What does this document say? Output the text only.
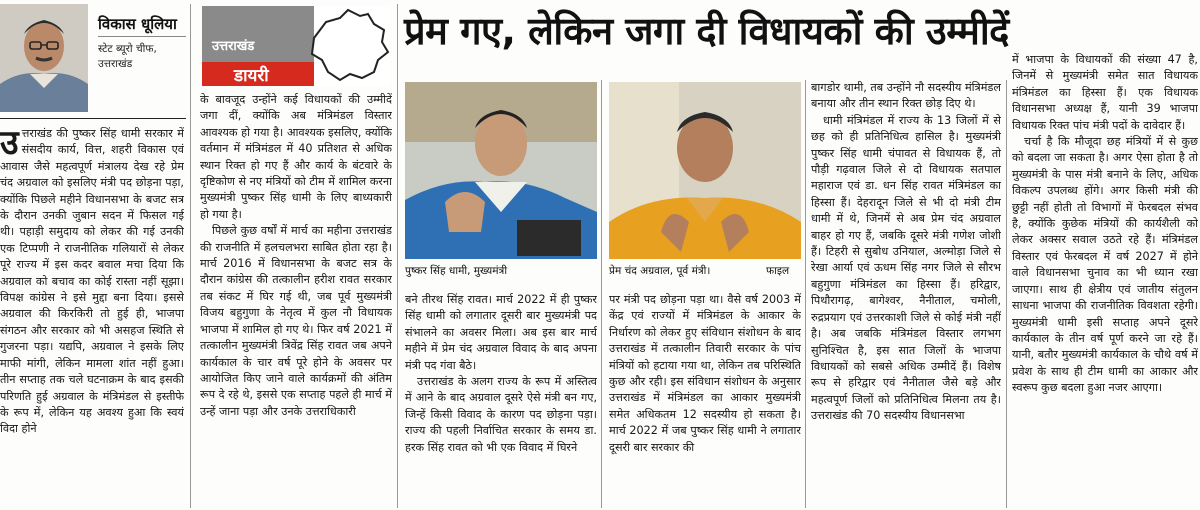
विकास धूलिया
स्टेट ब्यूरो चीफ,
उत्तराखंड
उत्तराखंड
डायरी
प्रेम गए, लेकिन जगा दी विधायकों की उम्मीदें
पुष्कर सिंह धामी, मुख्यमंत्री	प्रेम चंद अग्रवाल, पूर्व मंत्री।	फाइल

उत्तराखंड की पुष्कर सिंह धामी सरकार में संसदीय कार्य, वित्त, शहरी विकास एवं आवास जैसे महत्वपूर्ण मंत्रालय देख रहे प्रेम चंद अग्रवाल को इसलिए मंत्री पद छोड़ना पड़ा, क्योंकि पिछले महीने विधानसभा के बजट सत्र के दौरान उनकी जुबान सदन में फिसल गई थी। पहाड़ी समुदाय को लेकर की गई उनकी एक टिप्पणी ने राजनीतिक गलियारों से लेकर पूरे राज्य में इस कदर बवाल मचा दिया कि अग्रवाल को बचाव का कोई रास्ता नहीं सूझा। विपक्ष कांग्रेस ने इसे मुद्दा बना दिया। इससे अग्रवाल की किरकिरी तो हुई ही, भाजपा संगठन और सरकार को भी असहज स्थिति से गुजरना पड़ा। यद्यपि, अग्रवाल ने इसके लिए माफी मांगी, लेकिन मामला शांत नहीं हुआ। तीन सप्ताह तक चले घटनाक्रम के बाद इसकी परिणति हुई अग्रवाल के मंत्रिमंडल से इस्तीफे के रूप में, लेकिन यह अवश्य हुआ कि स्वयं विदा होने

के बावजूद उन्होंने कई विधायकों की उम्मीदें जगा दीं, क्योंकि अब मंत्रिमंडल विस्तार आवश्यक हो गया है। आवश्यक इसलिए, क्योंकि वर्तमान में मंत्रिमंडल में 40 प्रतिशत से अधिक स्थान रिक्त हो गए हैं और कार्य के बंटवारे के दृष्टिकोण से नए मंत्रियों को टीम में शामिल करना मुख्यमंत्री पुष्कर सिंह धामी के लिए बाध्यकारी हो गया है।

पिछले कुछ वर्षों में मार्च का महीना उत्तराखंड की राजनीति में हलचलभरा साबित होता रहा है। मार्च 2016 में विधानसभा के बजट सत्र के दौरान कांग्रेस की तत्कालीन हरीश रावत सरकार तब संकट में घिर गई थी, जब पूर्व मुख्यमंत्री विजय बहुगुणा के नेतृत्व में कुल नौ विधायक भाजपा में शामिल हो गए थे। फिर वर्ष 2021 में तत्कालीन मुख्यमंत्री त्रिवेंद्र सिंह रावत जब अपने कार्यकाल के चार वर्ष पूरे होने के अवसर पर आयोजित किए जाने वाले कार्यक्रमों की अंतिम रूप दे रहे थे, इससे एक सप्ताह पहले ही मार्च में उन्हें जाना पड़ा और उनके उत्तराधिकारी

बने तीरथ सिंह रावत। मार्च 2022 में ही पुष्कर सिंह धामी को लगातार दूसरी बार मुख्यमंत्री पद संभालने का अवसर मिला। अब इस बार मार्च महीने में प्रेम चंद अग्रवाल विवाद के बाद अपना मंत्री पद गंवा बैठे।

उत्तराखंड के अलग राज्य के रूप में अस्तित्व में आने के बाद अग्रवाल दूसरे ऐसे मंत्री बन गए, जिन्हें किसी विवाद के कारण पद छोड़ना पड़ा। राज्य की पहली निर्वाचित सरकार के समय डा. हरक सिंह रावत को भी एक विवाद में घिरने

पर मंत्री पद छोड़ना पड़ा था। वैसे वर्ष 2003 में केंद्र एवं राज्यों में मंत्रिमंडल के आकार के निर्धारण को लेकर हुए संविधान संशोधन के बाद उत्तराखंड में तत्कालीन तिवारी सरकार के पांच मंत्रियों को हटाया गया था, लेकिन तब परिस्थिति कुछ और रही। इस संविधान संशोधन के अनुसार उत्तराखंड में मंत्रिमंडल का आकार मुख्यमंत्री समेत अधिकतम 12 सदस्यीय हो सकता है। मार्च 2022 में जब पुष्कर सिंह धामी ने लगातार दूसरी बार सरकार की

बागडोर थामी, तब उन्होंने नौ सदस्यीय मंत्रिमंडल बनाया और तीन स्थान रिक्त छोड़ दिए थे।

धामी मंत्रिमंडल में राज्य के 13 जिलों में से छह को ही प्रतिनिधित्व हासिल है। मुख्यमंत्री पुष्कर सिंह धामी चंपावत से विधायक हैं, तो पौड़ी गढ़वाल जिले से दो विधायक सतपाल महाराज एवं डा. धन सिंह रावत मंत्रिमंडल का हिस्सा हैं। देहरादून जिले से भी दो मंत्री टीम धामी में थे, जिनमें से अब प्रेम चंद अग्रवाल बाहर हो गए हैं, जबकि दूसरे मंत्री गणेश जोशी हैं। टिहरी से सुबोध उनियाल, अल्मोड़ा जिले से रेखा आर्या एवं ऊधम सिंह नगर जिले से सौरभ बहुगुणा मंत्रिमंडल का हिस्सा हैं। हरिद्वार, पिथौरागढ़, बागेश्वर, नैनीताल, चमोली, रुद्रप्रयाग एवं उत्तरकाशी जिले से कोई मंत्री नहीं है। अब जबकि मंत्रिमंडल विस्तार लगभग सुनिश्चित है, इस सात जिलों के भाजपा विधायकों को सबसे अधिक उम्मीदें हैं। विशेष रूप से हरिद्वार एवं नैनीताल जैसे बड़े और महत्वपूर्ण जिलों को प्रतिनिधित्व मिलना तय है। उत्तराखंड की 70 सदस्यीय विधानसभा

में भाजपा के विधायकों की संख्या 47 है, जिनमें से मुख्यमंत्री समेत सात विधायक मंत्रिमंडल का हिस्सा हैं। एक विधायक विधानसभा अध्यक्ष हैं, यानी 39 भाजपा विधायक रिक्त पांच मंत्री पदों के दावेदार हैं।

चर्चा है कि मौजूदा छह मंत्रियों में से कुछ को बदला जा सकता है। अगर ऐसा होता है तो मुख्यमंत्री के पास मंत्री बनाने के लिए, अधिक विकल्प उपलब्ध होंगे। अगर किसी मंत्री की छुट्टी नहीं होती तो विभागों में फेरबदल संभव है, क्योंकि कुछेक मंत्रियों की कार्यशैली को लेकर अक्सर सवाल उठते रहे हैं। मंत्रिमंडल विस्तार एवं फेरबदल में वर्ष 2027 में होने वाले विधानसभा चुनाव का भी ध्यान रखा जाएगा। साथ ही क्षेत्रीय एवं जातीय संतुलन साधना भाजपा की राजनीतिक विवशता रहेगी। मुख्यमंत्री धामी इसी सप्ताह अपने दूसरे कार्यकाल के तीन वर्ष पूर्ण करने जा रहे हैं। यानी, बतौर मुख्यमंत्री कार्यकाल के चौथे वर्ष में प्रवेश के साथ ही टीम धामी का आकार और स्वरूप कुछ बदला हुआ नजर आएगा।
